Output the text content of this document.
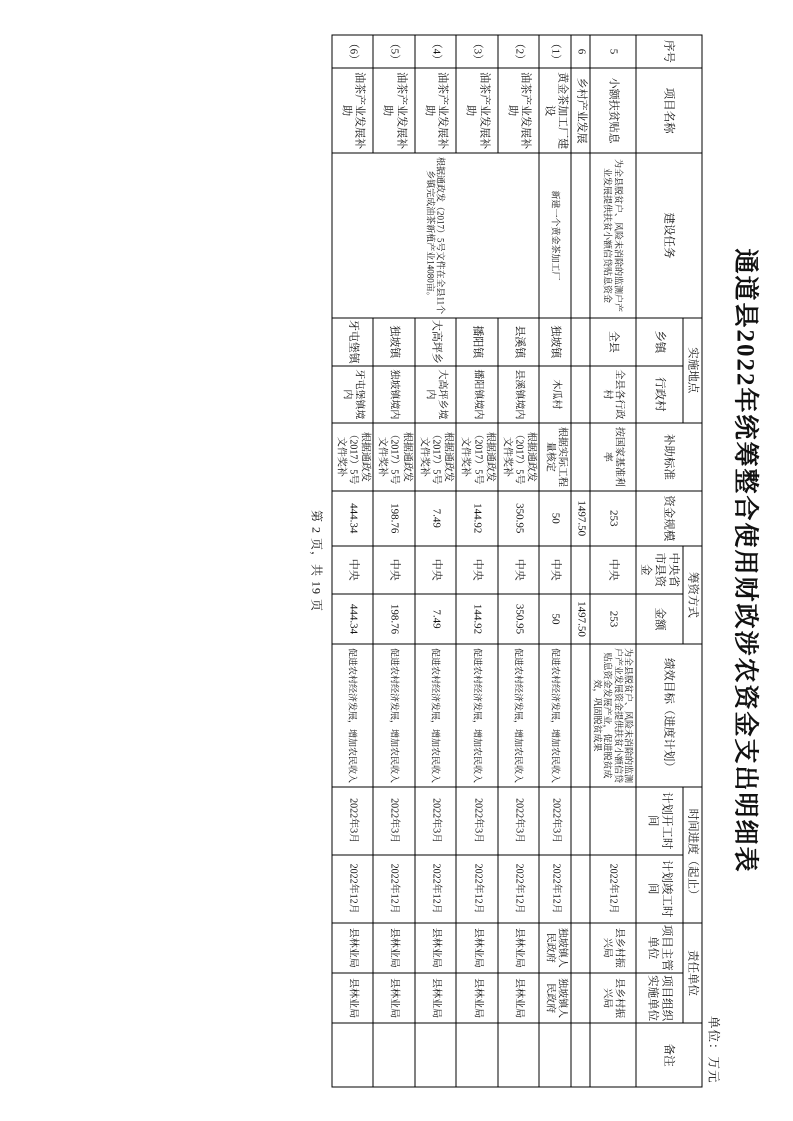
通道县2022年统筹整合使用财政涉农资金支出明细表
单位：万元
序号	项目名称	建设任务	实施地点		补助标准	资金规模	筹资方式		绩效目标（进度计划）	时间进度（起止）		责任单位		备注
			乡镇	行政村			中央省市县资金	金额		计划开工时间	计划竣工时间	项目主管单位	项目组织实施单位	
5	小额扶贫贴息	为全县脱贫户、风险未消除的监测户产业发展提供扶贫小额信贷贴息资金	全县	全县各行政村	按国家基准利率	253	中央	253	为全县脱贫户、风险未消除的监测户产业发展资金提供扶贫小额信贷贴息资金发展产业，促进脱贫成效，巩固脱贫成果		2022年12月	县乡村振兴局	县乡村振兴局	
6	乡村产业发展					1497.50		1497.50						
（1）	黄金茶加工厂建设	新建一个黄金茶加工厂	独坡镇	木瓜村	根据实际工程量核定	50	中央	50	促进农村经济发展，增加农民收入	2022年3月	2022年12月	独坡镇人民政府	独坡镇人民政府	
（2）	油茶产业发展补助	根据通政发（2017）5号文件在全县11个乡镇完成油茶新植产业14080亩。	县溪镇	县溪镇境内	根据通政发（2017）5号文件奖补	350.95	中央	350.95	促进农村经济发展，增加农民收入	2022年3月	2022年12月	县林业局	县林业局	
（3）	油茶产业发展补助		播阳镇	播阳镇境内	根据通政发（2017）5号文件奖补	144.92	中央	144.92	促进农村经济发展，增加农民收入	2022年3月	2022年12月	县林业局	县林业局	
（4）	油茶产业发展补助		大高坪乡	大高坪乡境内	根据通政发（2017）5号文件奖补	7.49	中央	7.49	促进农村经济发展，增加农民收入	2022年3月	2022年12月	县林业局	县林业局	
（5）	油茶产业发展补助		独坡镇	独坡镇境内	根据通政发（2017）5号文件奖补	198.76	中央	198.76	促进农村经济发展，增加农民收入	2022年3月	2022年12月	县林业局	县林业局	
（6）	油茶产业发展补助		牙屯堡镇	牙屯堡镇境内	根据通政发（2017）5号文件奖补	444.34	中央	444.34	促进农村经济发展，增加农民收入	2022年3月	2022年12月	县林业局	县林业局	
第 2 页，共 19 页
